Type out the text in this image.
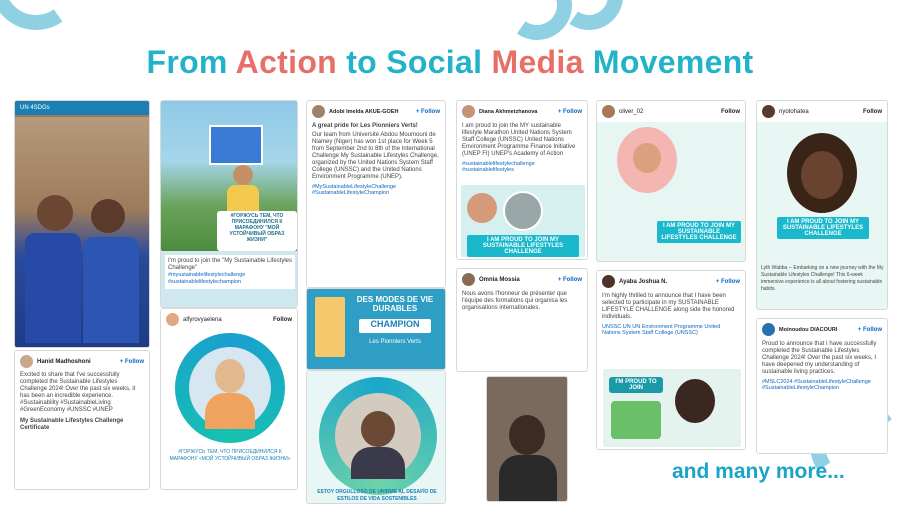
From Action to Social Media Movement
UN 4SDGs
Hanid Madhoshoni	+ Follow
Excited to share that I've successfully completed the Sustainable Lifestyles Challenge 2024! Over the past six weeks, it has been an incredible experience. #Sustainability #SustainableLiving #GreenEconomy #UNSSC #UNEP
My Sustainable Lifestyles Challenge Certificate
#ГОРЖУСЬ ТЕМ, ЧТО
ПРИСОЕДИНИЛСЯ К
МАРАФОНУ "МОЙ УСТОЙЧИВЫЙ ОБРАЗ ЖИЗНИ"
I'm proud to join the "My Sustainable Lifestyles Challenge"
#myustainablelifestylechallenge #sustainablelifestylechampion
alfyrovyaelena	Follow
#ГОРЖУСЬ ТЕМ, ЧТО ПРИСОЕДИНИЛСЯ К МАРАФОНУ «МОЙ УСТОЙЧИВЫЙ ОБРАЗ ЖИЗНИ»
Adobi Imelda AKUE-GOEH	+ Follow
A great pride for Les Pionniers Verts!
Our team from Université Abdou Moumouni de Niamey (Niger) has won 1st place for Week 5 from September 2nd to 8th of the International Challenge My Sustainable Lifestyles Challenge, organized by the United Nations System Staff College (UNSSC) and the United Nations Environment Programme (UNEP).
#MySustainableLifestyleChallenge #SustainableLifestyleChampion
DES MODES DE VIE DURABLES
CHAMPION
Les Pionniers Verts
ESTOY ORGULLOSO DE UNIRME AL DESAFÍO DE ESTILOS DE VIDA SOSTENIBLES
Diana Akhmetzhanova	+ Follow
I am proud to join the MY sustainable lifestyle Marathon United Nations System Staff College (UNSSC) United Nations Environment Programme Finance Initiative (UNEP FI) UNEP's Academy of Action
#sustainablelifestylechallenge #sustainablelifestyles
I AM PROUD TO JOIN MY SUSTAINABLE LIFESTYLES CHALLENGE
Omnia Mossia	+ Follow
Nous avons l'honneur de présenter que l'équipe des formations qui organisa les organisations internationales.
oliver_02	Follow
I AM PROUD TO JOIN MY SUSTAINABLE LIFESTYLES CHALLENGE
Ayaba Joshua N.	+ Follow
I'm highly thrilled to announce that I have been selected to participate in my SUSTAINABLE LIFESTYLE CHALLENGE along side the honored individuals.
UNSSC UN UN Environment Programme United Nations System Staff College (UNSSC)
I'M PROUD TO JOIN
nyotohatea	Follow
I AM PROUD TO JOIN MY SUSTAINABLE LIFESTYLES CHALLENGE
Lyth Wabba -- Embarking on a new journey with the My Sustainable Lifestyles Challenge! This 6-week immersive experience is all about fostering sustainable habits.
Moinoudou DIACOURI	+ Follow
Proud to announce that I have successfully completed the Sustainable Lifestyles Challenge 2024! Over the past six weeks, I have deepened my understanding of sustainable living practices.
#MSLC2024 #SustainableLifestyleChallenge #SustainableLifestyleChampion
and many more...
